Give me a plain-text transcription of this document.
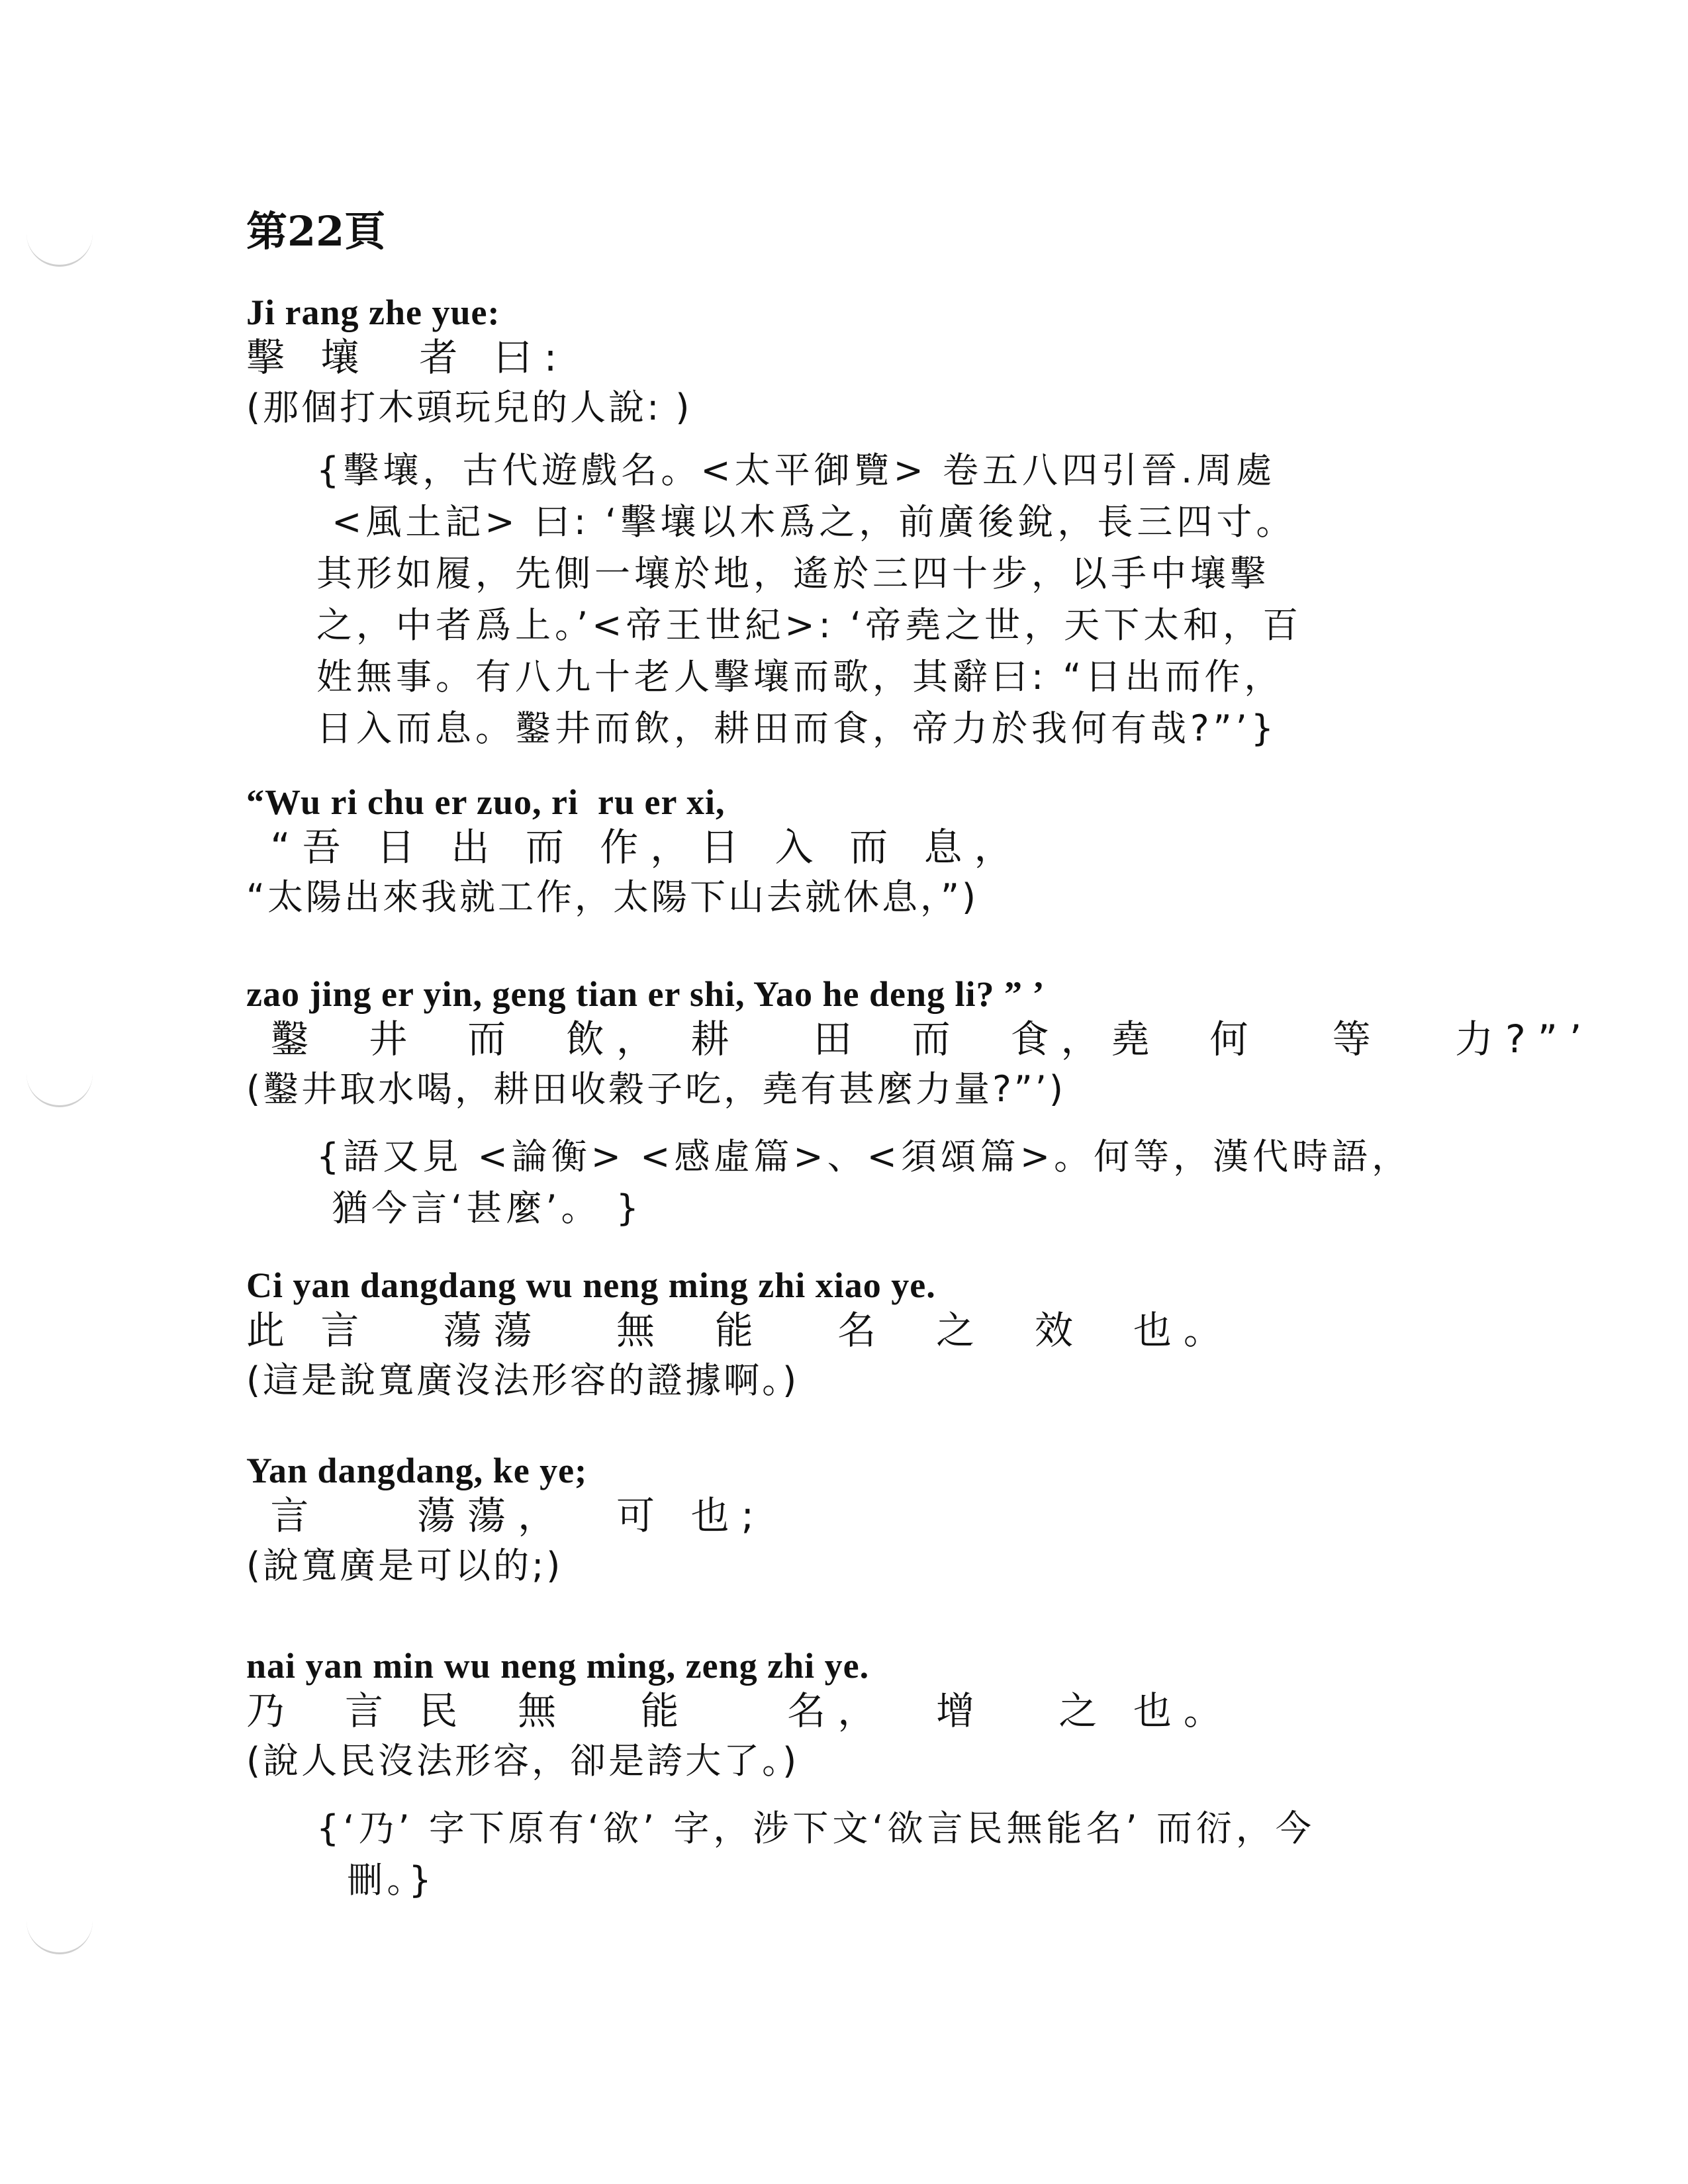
第22頁
Ji rang zhe yue:
擊 壤  者 曰:
(那個打木頭玩兒的人說: )
{擊壤，古代遊戲名。<太平御覽> 卷五八四引晉.周處
<風土記> 曰: ‘擊壤以木爲之，前廣後銳，長三四寸。
其形如履，先側一壤於地，遙於三四十步，以手中壤擊
之，中者爲上。’<帝王世紀>: ‘帝堯之世，天下太和，百
姓無事。有八九十老人擊壤而歌，其辭曰: “日出而作，
日入而息。鑿井而飲，耕田而食，帝力於我何有哉?”’}
“Wu ri chu er zuo, ri  ru er xi,
“吾 日 出 而 作，日 入 而 息，
“太陽出來我就工作，太陽下山去就休息，”)
zao jing er yin, geng tian er shi, Yao he deng li? ” ’
鑿  井  而  飲， 耕   田  而  食，堯  何   等   力?”’
(鑿井取水喝，耕田收穀子吃，堯有甚麼力量?”’)
{語又見 <論衡> <感虛篇>、<須頌篇>。何等，漢代時語，
猶今言‘甚麼’。 }
Ci yan dangdang wu neng ming zhi xiao ye.
此 言   蕩蕩   無  能   名  之  效  也。
(這是說寬廣沒法形容的證據啊。)
Yan dangdang, ke ye;
言    蕩蕩，  可 也;
(說寬廣是可以的;)
nai yan min wu neng ming, zeng zhi ye.
乃  言 民  無   能    名，  增   之 也。
(說人民沒法形容，卻是誇大了。)
{‘乃’ 字下原有‘欲’ 字，涉下文‘欲言民無能名’ 而衍，今
刪。}
